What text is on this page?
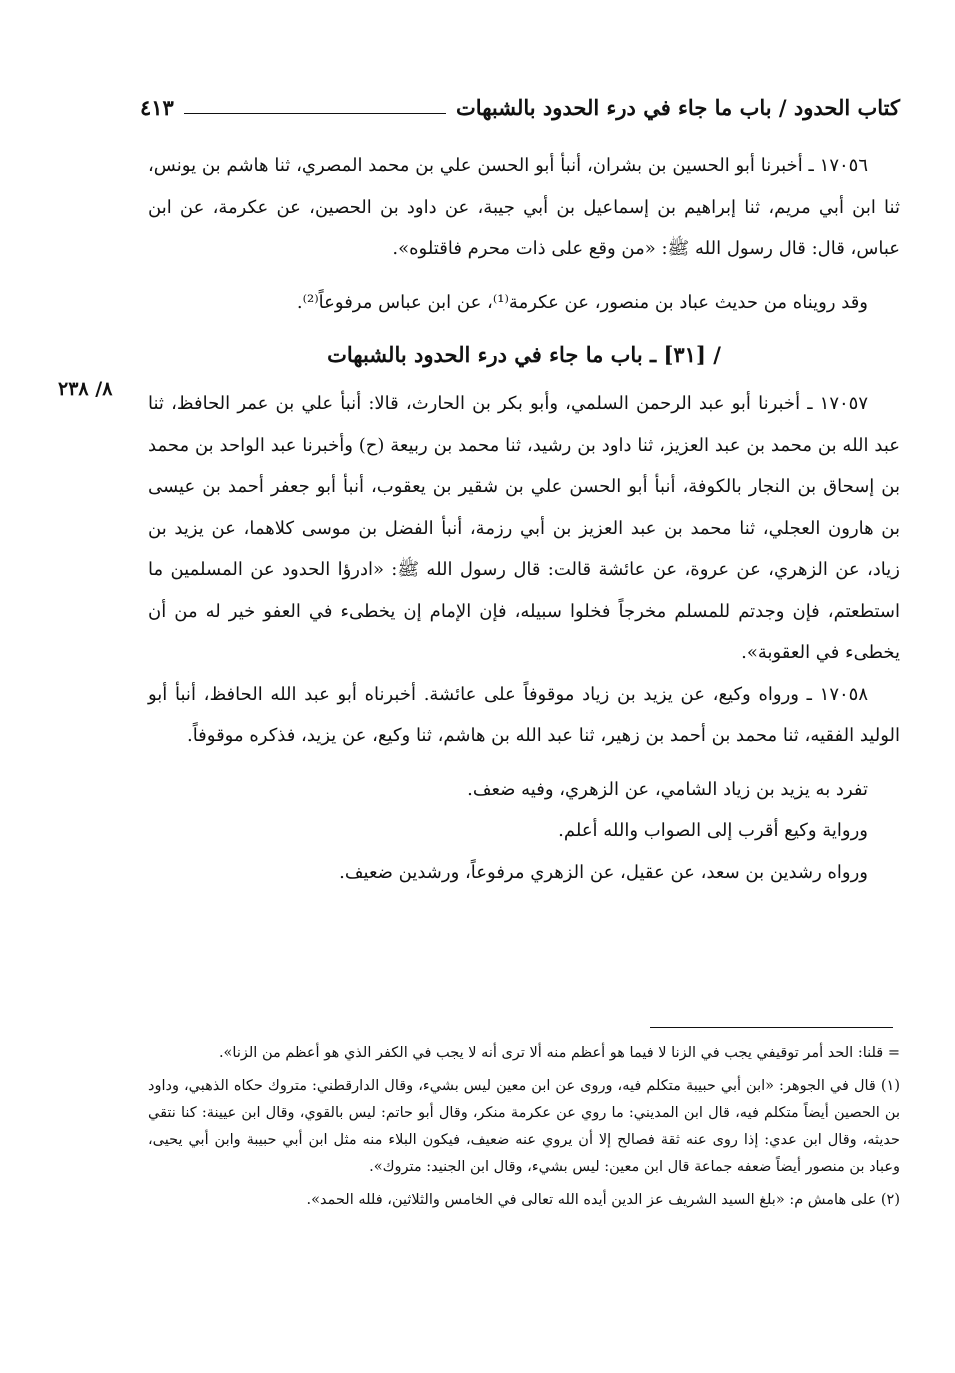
كتاب الحدود / باب ما جاء في درء الحدود بالشبهات
٤١٣
٨/ ٢٣٨

١٧٠٥٦ ـ أخبرنا أبو الحسين بن بشران، أنبأ أبو الحسن علي بن محمد المصري، ثنا هاشم بن يونس، ثنا ابن أبي مريم، ثنا إبراهيم بن إسماعيل بن أبي جيبة، عن داود بن الحصين، عن عكرمة، عن ابن عباس، قال: قال رسول الله ﷺ: «من وقع على ذات محرم فاقتلوه».

وقد رويناه من حديث عباد بن منصور، عن عكرمة⁽¹⁾، عن ابن عباس مرفوعاً⁽²⁾.

/ [٣١] ـ باب ما جاء في درء الحدود بالشبهات

١٧٠٥٧ ـ أخبرنا أبو عبد الرحمن السلمي، وأبو بكر بن الحارث، قالا: أنبأ علي بن عمر الحافظ، ثنا عبد الله بن محمد بن عبد العزيز، ثنا داود بن رشيد، ثنا محمد بن ربيعة (ح) وأخبرنا عبد الواحد بن محمد بن إسحاق بن النجار بالكوفة، أنبأ أبو الحسن علي بن شقير بن يعقوب، أنبأ أبو جعفر أحمد بن عيسى بن هارون العجلي، ثنا محمد بن عبد العزيز بن أبي رزمة، أنبأ الفضل بن موسى كلاهما، عن يزيد بن زياد، عن الزهري، عن عروة، عن عائشة قالت: قال رسول الله ﷺ: «ادرؤا الحدود عن المسلمين ما استطعتم، فإن وجدتم للمسلم مخرجاً فخلوا سبيله، فإن الإمام إن يخطىء في العفو خير له من أن يخطىء في العقوبة».

١٧٠٥٨ ـ ورواه وكيع، عن يزيد بن زياد موقوفاً على عائشة. أخبرناه أبو عبد الله الحافظ، أنبأ أبو الوليد الفقيه، ثنا محمد بن أحمد بن زهير، ثنا عبد الله بن هاشم، ثنا وكيع، عن يزيد، فذكره موقوفاً.

تفرد به يزيد بن زياد الشامي، عن الزهري، وفيه ضعف.

ورواية وكيع أقرب إلى الصواب والله أعلم.

ورواه رشدين بن سعد، عن عقيل، عن الزهري مرفوعاً، ورشدين ضعيف.

= قلنا: الحد أمر توقيفي يجب في الزنا لا فيما هو أعظم منه ألا ترى أنه لا يجب في الكفر الذي هو أعظم من الزنا».

(١) قال في الجوهر: «ابن أبي حبيبة متكلم فيه، وروى عن ابن معين ليس بشيء، وقال الدارقطني: متروك حكاه الذهبي، وداود بن الحصين أيضاً متكلم فيه، قال ابن المديني: ما روي عن عكرمة منكر، وقال أبو حاتم: ليس بالقوي، وقال ابن عيينة: كنا نتقي حديثه، وقال ابن عدي: إذا روى عنه ثقة فصالح إلا أن يروي عنه ضعيف، فيكون البلاء منه مثل ابن أبي حبيبة وابن أبي يحيى، وعباد بن منصور أيضاً ضعفه جماعة قال ابن معين: ليس بشيء، وقال ابن الجنيد: متروك».

(٢) على هامش م: «بلغ السيد الشريف عز الدين أيده الله تعالى في الخامس والثلاثين، فلله الحمد».
